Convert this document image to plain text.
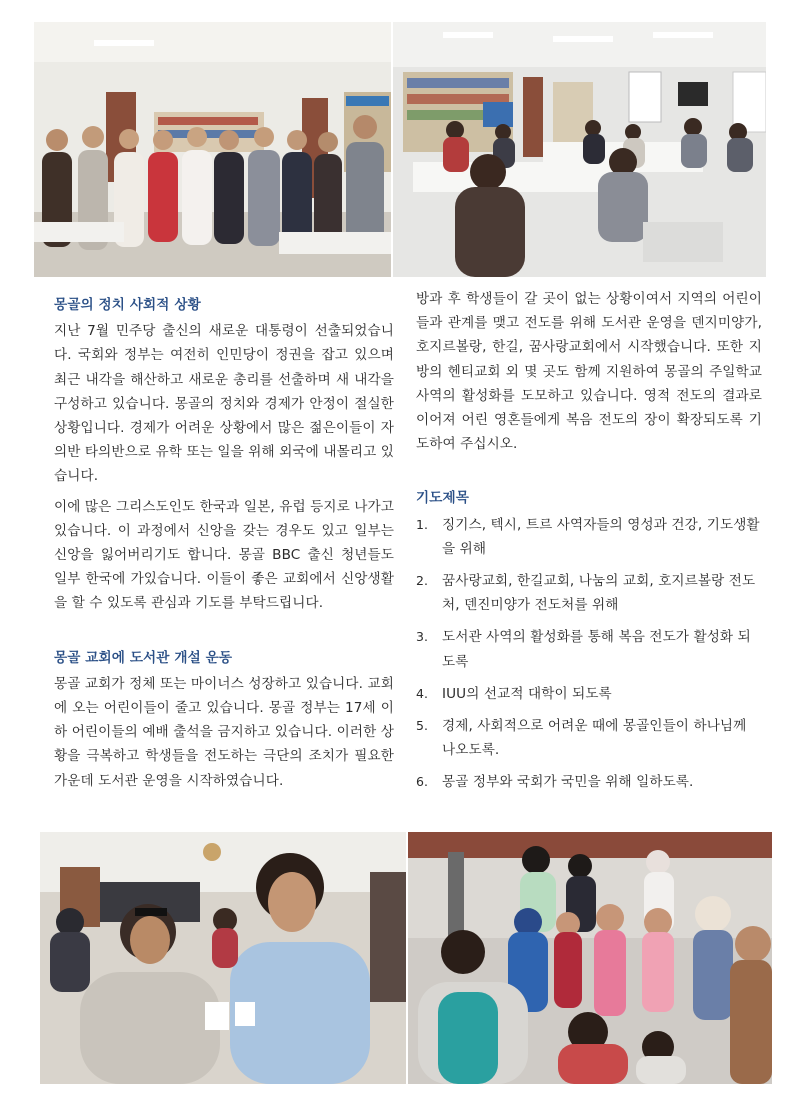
몽골의 정치 사회적 상황

지난 7월 민주당 출신의 새로운 대통령이 선출되었습니다. 국회와 정부는 여전히 인민당이 정권을 잡고 있으며 최근 내각을 해산하고 새로운 총리를 선출하며 새 내각을 구성하고 있습니다. 몽골의 정치와 경제가 안정이 절실한 상황입니다. 경제가 어려운 상황에서 많은 젊은이들이 자의반 타의반으로 유학 또는 일을 위해 외국에 내몰리고 있습니다.

이에 많은 그리스도인도 한국과 일본, 유럽 등지로 나가고 있습니다. 이 과정에서 신앙을 갖는 경우도 있고 일부는 신앙을 잃어버리기도 합니다. 몽골 BBC 출신 청년들도 일부 한국에 가있습니다. 이들이 좋은 교회에서 신앙생활을 할 수 있도록 관심과 기도를 부탁드립니다.

몽골 교회에 도서관 개설 운동

몽골 교회가 정체 또는 마이너스 성장하고 있습니다. 교회에 오는 어린이들이 줄고 있습니다. 몽골 정부는 17세 이하 어린이들의 예배 출석을 금지하고 있습니다. 이러한 상황을 극복하고 학생들을 전도하는 극단의 조치가 필요한 가운데 도서관 운영을 시작하였습니다.

방과 후 학생들이 갈 곳이 없는 상황이여서 지역의 어린이들과 관계를 맺고 전도를 위해 도서관 운영을 덴지미양가, 호지르볼랑, 한길, 꿈사랑교회에서 시작했습니다. 또한 지방의 헨티교회 외 몇 곳도 함께 지원하여 몽골의 주일학교 사역의 활성화를 도모하고 있습니다. 영적 전도의 결과로 이어져 어린 영혼들에게 복음 전도의 장이 확장되도록 기도하여 주십시오.

기도제목
1. 징기스, 텍시, 트르 사역자들의 영성과 건강, 기도생활을 위해
2. 꿈사랑교회, 한길교회, 나눔의 교회, 호지르볼랑 전도처, 덴진미양가 전도처를 위해
3. 도서관 사역의 활성화를 통해 복음 전도가 활성화 되도록
4. IUU의 선교적 대학이 되도록
5. 경제, 사회적으로 어려운 때에 몽골인들이 하나님께 나오도록.
6. 몽골 정부와 국회가 국민을 위해 일하도록.
